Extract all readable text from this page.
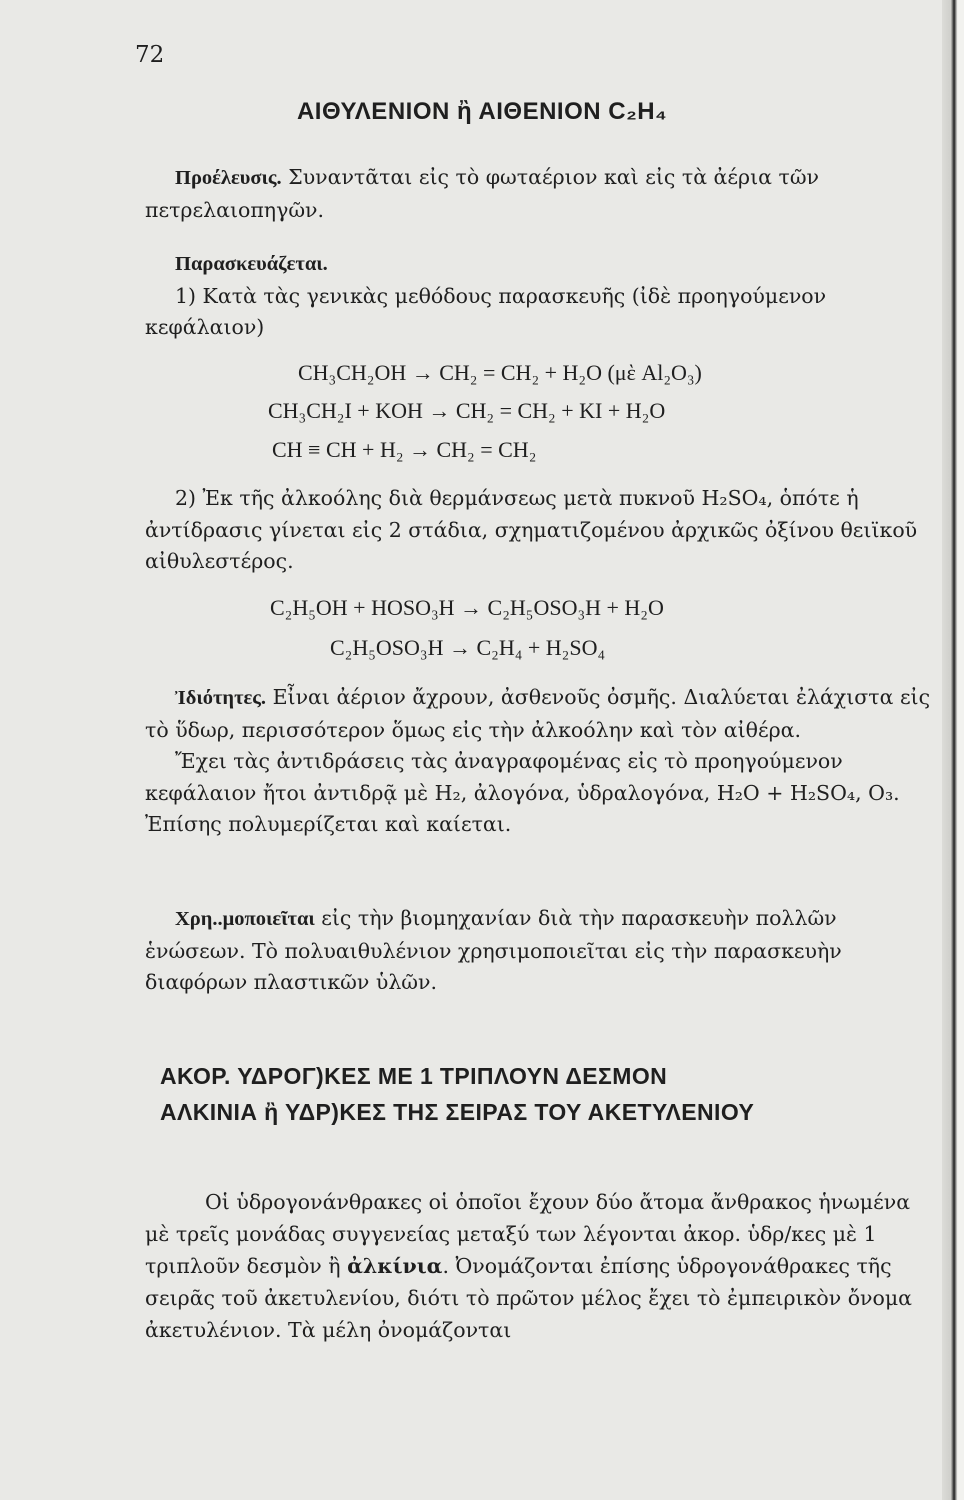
72
ΑΙΘΥΛΕΝΙΟΝ ἢ ΑΙΘΕΝΙΟΝ C₂H₄

Προέλευσις. Συναντᾶται εἰς τὸ φωταέριον καὶ εἰς τὰ ἀέρια τῶν πετρελαιοπηγῶν.

Παρασκευάζεται.

1) Κατὰ τὰς γενικὰς μεθόδους παρασκευῆς (ἰδὲ προηγούμενον κεφάλαιον)

CH₃CH₂OH → CH₂ = CH₂ + H₂O (μὲ Al₂O₃)
CH₃CH₂I + KOH → CH₂ = CH₂ + KI + H₂O
CH ≡ CH + H₂ → CH₂ = CH₂

2) Ἐκ τῆς ἀλκοόλης διὰ θερμάνσεως μετὰ πυκνοῦ H₂SO₄, ὁπότε ἡ ἀντίδρασις γίνεται εἰς 2 στάδια, σχηματιζομένου ἀρχικῶς ὀξίνου θειϊκοῦ αἰθυλεστέρος.

C₂H₅OH + HOSO₃H → C₂H₅OSO₃H + H₂O
C₂H₅OSO₃H → C₂H₄ + H₂SO₄

Ἰδιότητες. Εἶναι ἀέριον ἄχρουν, ἀσθενοῦς ὀσμῆς. Διαλύεται ἐλάχιστα εἰς τὸ ὕδωρ, περισσότερον ὅμως εἰς τὴν ἀλκοόλην καὶ τὸν αἰθέρα.

Ἔχει τὰς ἀντιδράσεις τὰς ἀναγραφομένας εἰς τὸ προηγούμενον κεφάλαιον ἤτοι ἀντιδρᾷ μὲ H₂, ἀλογόνα, ὑδραλογόνα, H₂O + H₂SO₄, O₃. Ἐπίσης πολυμερίζεται καὶ καίεται.

Χρη..μοποιεῖται εἰς τὴν βιομηχανίαν διὰ τὴν παρασκευὴν πολλῶν ἑνώσεων. Τὸ πολυαιθυλένιον χρησιμοποιεῖται εἰς τὴν παρασκευὴν διαφόρων πλαστικῶν ὑλῶν.

ΑΚΟΡ. ΥΔΡΟΓ)ΚΕΣ ΜΕ 1 ΤΡΙΠΛΟΥΝ ΔΕΣΜΟΝ
ΑΛΚΙΝΙΑ ἢ ΥΔΡ)ΚΕΣ ΤΗΣ ΣΕΙΡΑΣ ΤΟΥ ΑΚΕΤΥΛΕΝΙΟΥ

Οἱ ὑδρογονάνθρακες οἱ ὁποῖοι ἔχουν δύο ἄτομα ἄνθρακος ἡνωμένα μὲ τρεῖς μονάδας συγγενείας μεταξύ των λέγονται ἀκορ. ὑδρ/κες μὲ 1 τριπλοῦν δεσμὸν ἢ ἀλκίνια. Ὀνομάζονται ἐπίσης ὑδρογονάθρακες τῆς σειρᾶς τοῦ ἀκετυλενίου, διότι τὸ πρῶτον μέλος ἔχει τὸ ἐμπειρικὸν ὄνομα ἀκετυλένιον. Τὰ μέλη ὀνομάζονται
